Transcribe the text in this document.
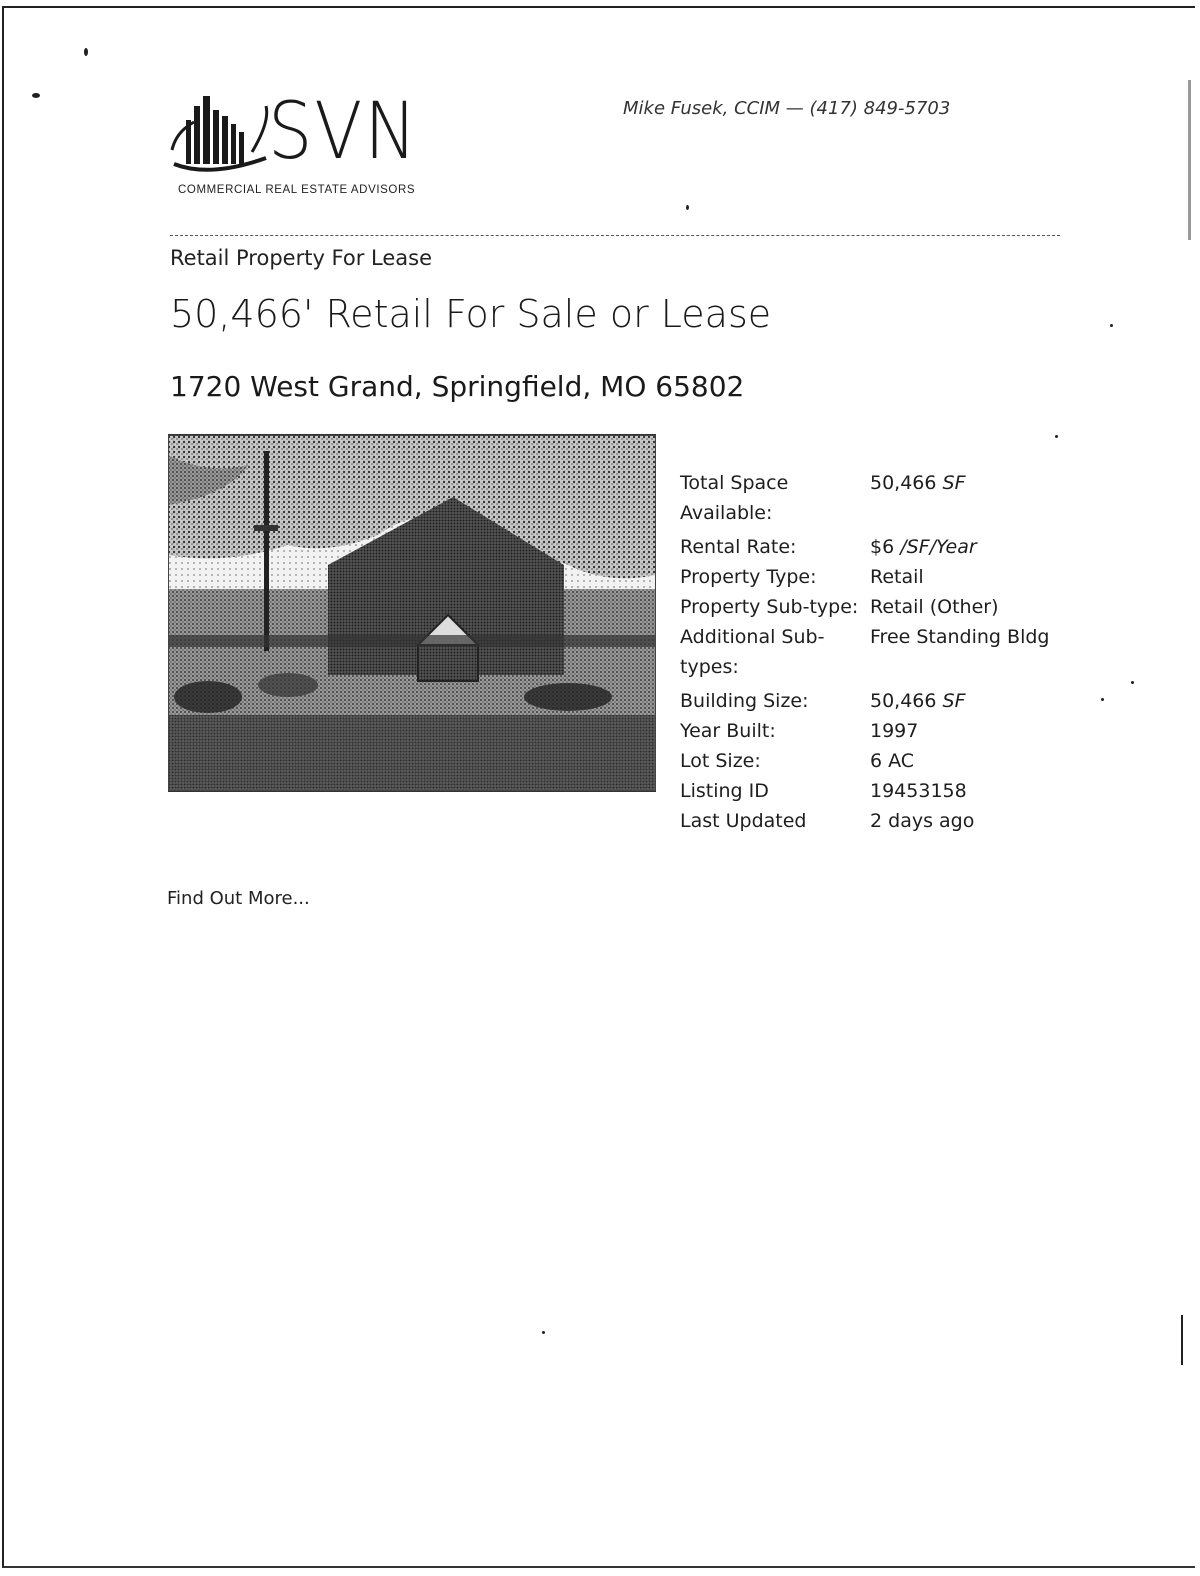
SVN
COMMERCIAL REAL ESTATE ADVISORS
Mike Fusek, CCIM — (417) 849-5703
Retail Property For Lease
50,466' Retail For Sale or Lease
1720 West Grand, Springfield, MO 65802
Total Space Available:	50,466 SF
Rental Rate:	$6 /SF/Year
Property Type:	Retail
Property Sub-type:	Retail (Other)
Additional Sub-types:	Free Standing Bldg
Building Size:	50,466 SF
Year Built:	1997
Lot Size:	6 AC
Listing ID	19453158
Last Updated	2 days ago
Find Out More...
